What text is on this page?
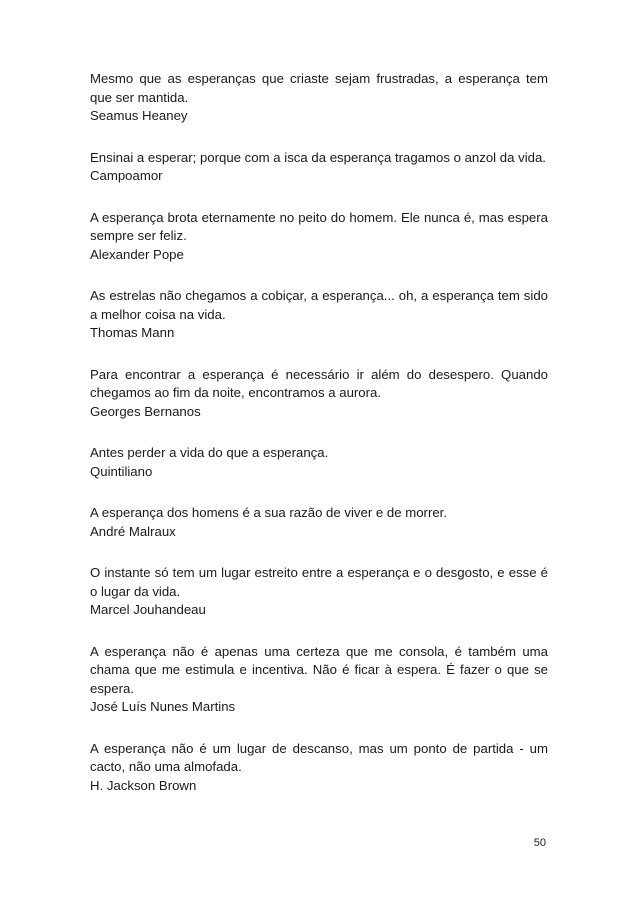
Mesmo que as esperanças que criaste sejam frustradas, a esperança tem que ser mantida.

Seamus Heaney

Ensinai a esperar; porque com a isca da esperança tragamos o anzol da vida.

Campoamor

A esperança brota eternamente no peito do homem. Ele nunca é, mas espera sempre ser feliz.

Alexander Pope

As estrelas não chegamos a cobiçar, a esperança... oh, a esperança tem sido a melhor coisa na vida.

Thomas Mann

Para encontrar a esperança é necessário ir além do desespero. Quando chegamos ao fim da noite, encontramos a aurora.

Georges Bernanos

Antes perder a vida do que a esperança.

Quintiliano

A esperança dos homens é a sua razão de viver e de morrer.

André Malraux

O instante só tem um lugar estreito entre a esperança e o desgosto, e esse é o lugar da vida.

Marcel Jouhandeau

A esperança não é apenas uma certeza que me consola, é também uma chama que me estimula e incentiva. Não é ficar à espera. É fazer o que se espera.

José Luís Nunes Martins

A esperança não é um lugar de descanso, mas um ponto de partida - um cacto, não uma almofada.

H. Jackson Brown

50
